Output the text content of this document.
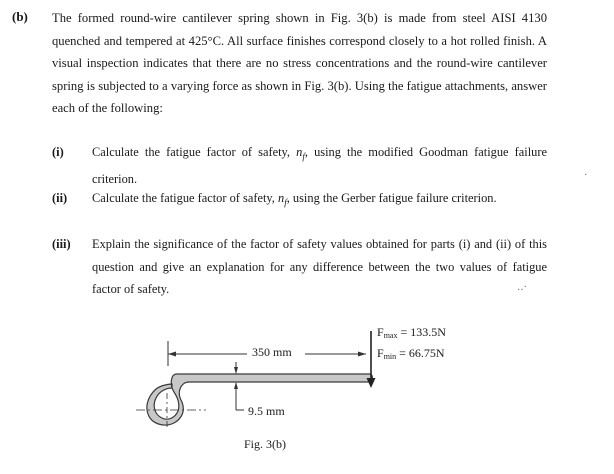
(b) The formed round-wire cantilever spring shown in Fig. 3(b) is made from steel AISI 4130 quenched and tempered at 425°C. All surface finishes correspond closely to a hot rolled finish. A visual inspection indicates that there are no stress concentrations and the round-wire cantilever spring is subjected to a varying force as shown in Fig. 3(b). Using the fatigue attachments, answer each of the following:

(i) Calculate the fatigue factor of safety, $n_f$, using the modified Goodman fatigue failure criterion.

(ii) Calculate the fatigue factor of safety, $n_f$, using the Gerber fatigue failure criterion.

(iii) Explain the significance of the factor of safety values obtained for parts (i) and (ii) of this question and give an explanation for any difference between the two values of fatigue factor of safety.

·
‥·
350 mm
9.5 mm
$F_{max} = 133.5N$
$F_{min} = 66.75N$
Fig. 3(b)
